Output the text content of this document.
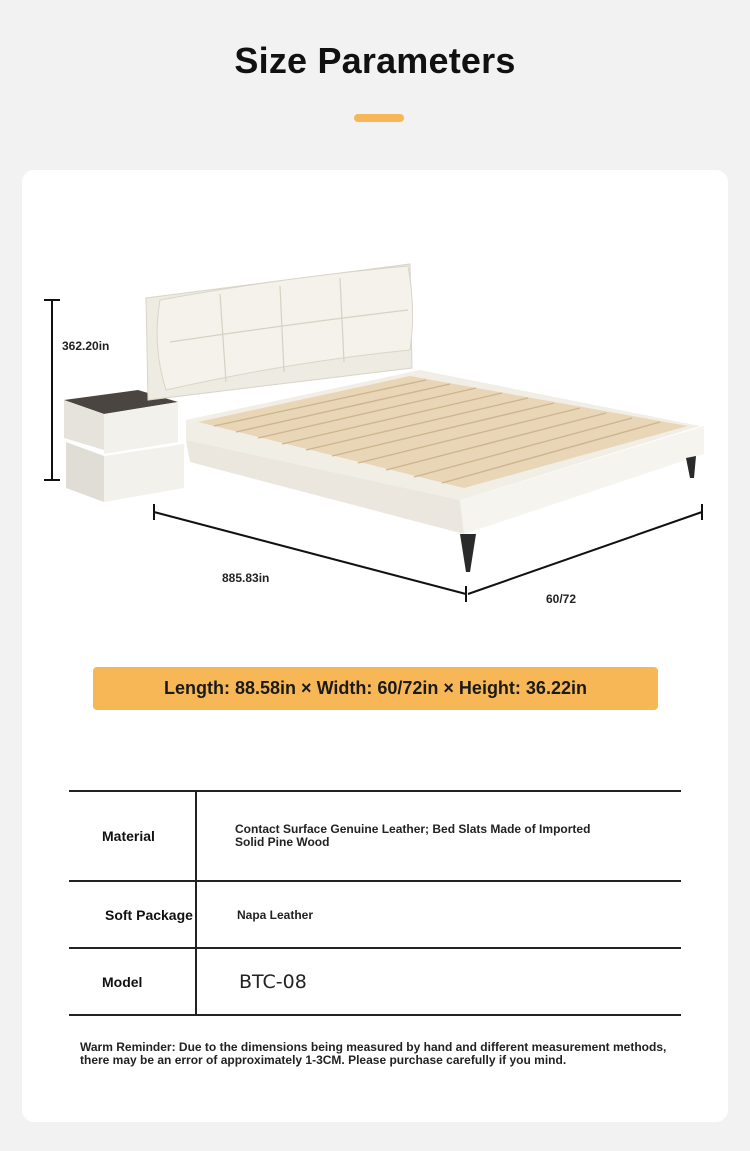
Size Parameters
362.20in
885.83in
60/72
Length: 88.58in × Width: 60/72in × Height: 36.22in
Material	Contact Surface Genuine Leather; Bed Slats Made of Imported Solid Pine Wood
Soft Package	Napa Leather
Model	BTC-08
Warm Reminder: Due to the dimensions being measured by hand and different measurement methods, there may be an error of approximately 1-3CM. Please purchase carefully if you mind.
